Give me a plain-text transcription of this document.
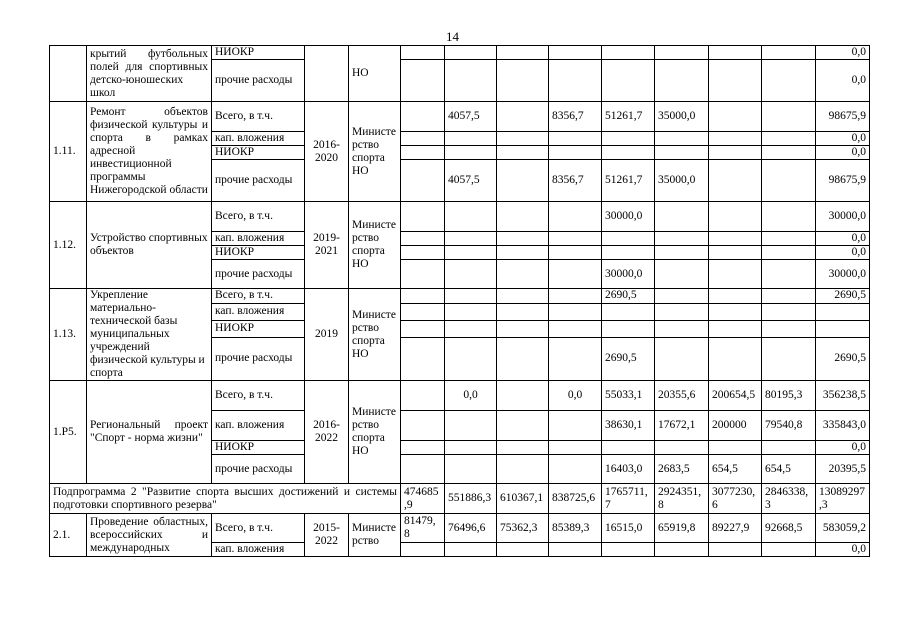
14
	крытий футбольных полей для спортивных детско-юношеских школ	НИОКР		НО									0,0
		прочие расходы											0,0
1.11.	Ремонт объектов физической культуры и спорта в рамках адресной инвестиционной программы Нижегородской области	Всего, в т.ч.	2016-2020	Министерство спорта НО		4057,5		8356,7	51261,7	35000,0			98675,9
		кап. вложения											0,0
		НИОКР											0,0
		прочие расходы				4057,5		8356,7	51261,7	35000,0			98675,9
1.12.	Устройство спортивных объектов	Всего, в т.ч.	2019-2021	Министерство спорта НО					30000,0				30000,0
		кап. вложения											0,0
		НИОКР											0,0
		прочие расходы							30000,0				30000,0
1.13.	Укрепление материально-технической базы муниципальных учреждений физической культуры и спорта	Всего, в т.ч.	2019	Министерство спорта НО					2690,5				2690,5
		кап. вложения											
		НИОКР											
		прочие расходы							2690,5				2690,5
1.Р5.	Региональный проект "Спорт - норма жизни"	Всего, в т.ч.	2016-2022	Министерство спорта НО		0,0		0,0	55033,1	20355,6	200654,5	80195,3	356238,5
		кап. вложения							38630,1	17672,1	200000	79540,8	335843,0
		НИОКР											0,0
		прочие расходы							16403,0	2683,5	654,5	654,5	20395,5
Подпрограмма 2 "Развитие спорта высших достижений и системы подготовки спортивного резерва"					474685,9	551886,3	610367,1	838725,6	1765711,7	2924351,8	3077230,6	2846338,3	13089297,3
2.1.	Проведение областных, всероссийских и международных	Всего, в т.ч.	2015-2022	Министерство	81479,8	76496,6	75362,3	85389,3	16515,0	65919,8	89227,9	92668,5	583059,2
		кап. вложения											0,0
